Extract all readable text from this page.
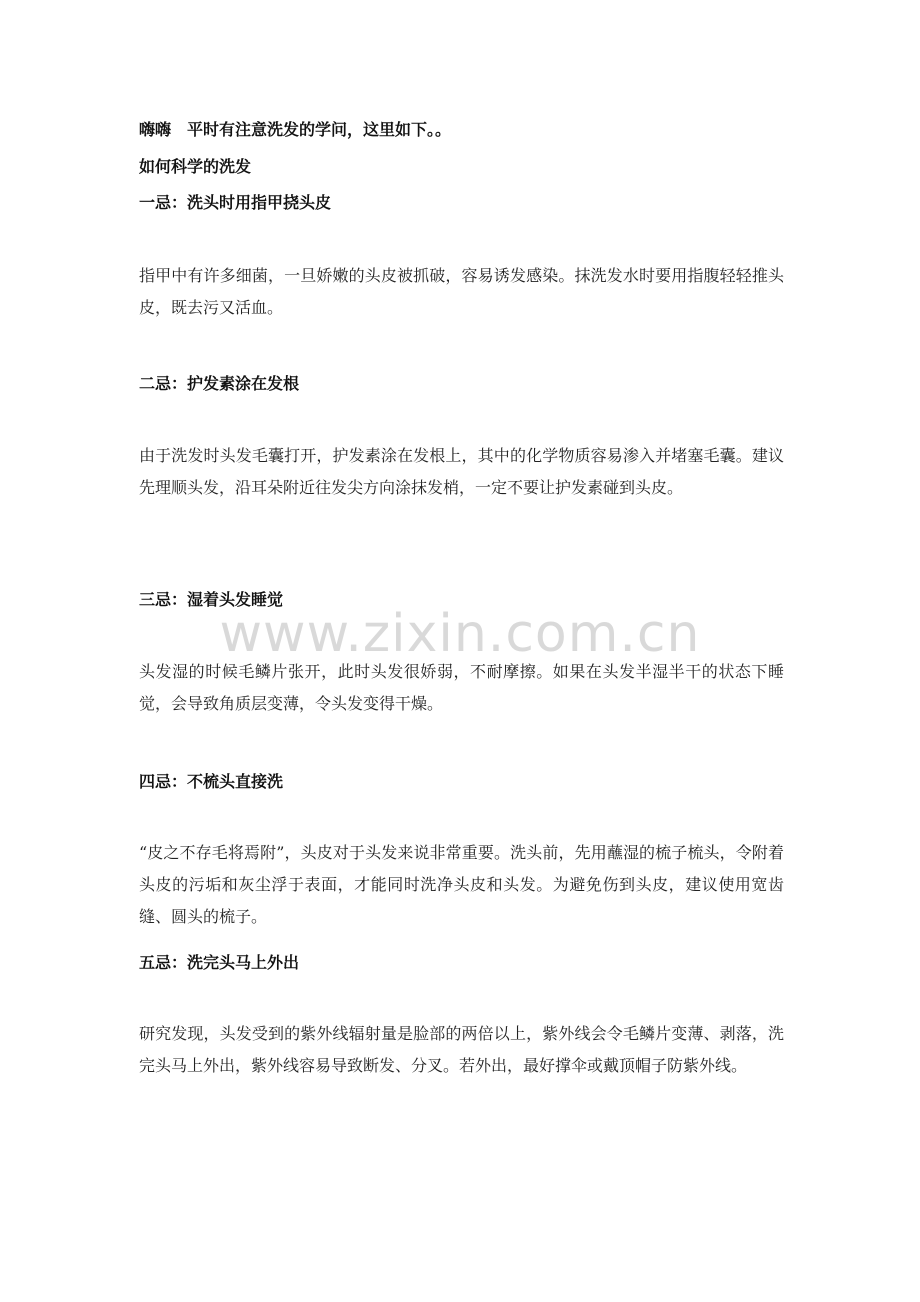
嗨嗨　平时有注意洗发的学问，这里如下。。
如何科学的洗发
一忌：洗头时用指甲挠头皮

指甲中有许多细菌，一旦娇嫩的头皮被抓破，容易诱发感染。抹洗发水时要用指腹轻轻推头皮，既去污又活血。

二忌：护发素涂在发根

由于洗发时头发毛囊打开，护发素涂在发根上，其中的化学物质容易渗入并堵塞毛囊。建议先理顺头发，沿耳朵附近往发尖方向涂抹发梢，一定不要让护发素碰到头皮。

三忌：湿着头发睡觉

头发湿的时候毛鳞片张开，此时头发很娇弱，不耐摩擦。如果在头发半湿半干的状态下睡觉，会导致角质层变薄，令头发变得干燥。

四忌：不梳头直接洗

“皮之不存毛将焉附”，头皮对于头发来说非常重要。洗头前，先用蘸湿的梳子梳头，令附着头皮的污垢和灰尘浮于表面，才能同时洗净头皮和头发。为避免伤到头皮，建议使用宽齿缝、圆头的梳子。

五忌：洗完头马上外出

研究发现，头发受到的紫外线辐射量是脸部的两倍以上，紫外线会令毛鳞片变薄、剥落，洗完头马上外出，紫外线容易导致断发、分叉。若外出，最好撑伞或戴顶帽子防紫外线。

www.zixin.com.cn
